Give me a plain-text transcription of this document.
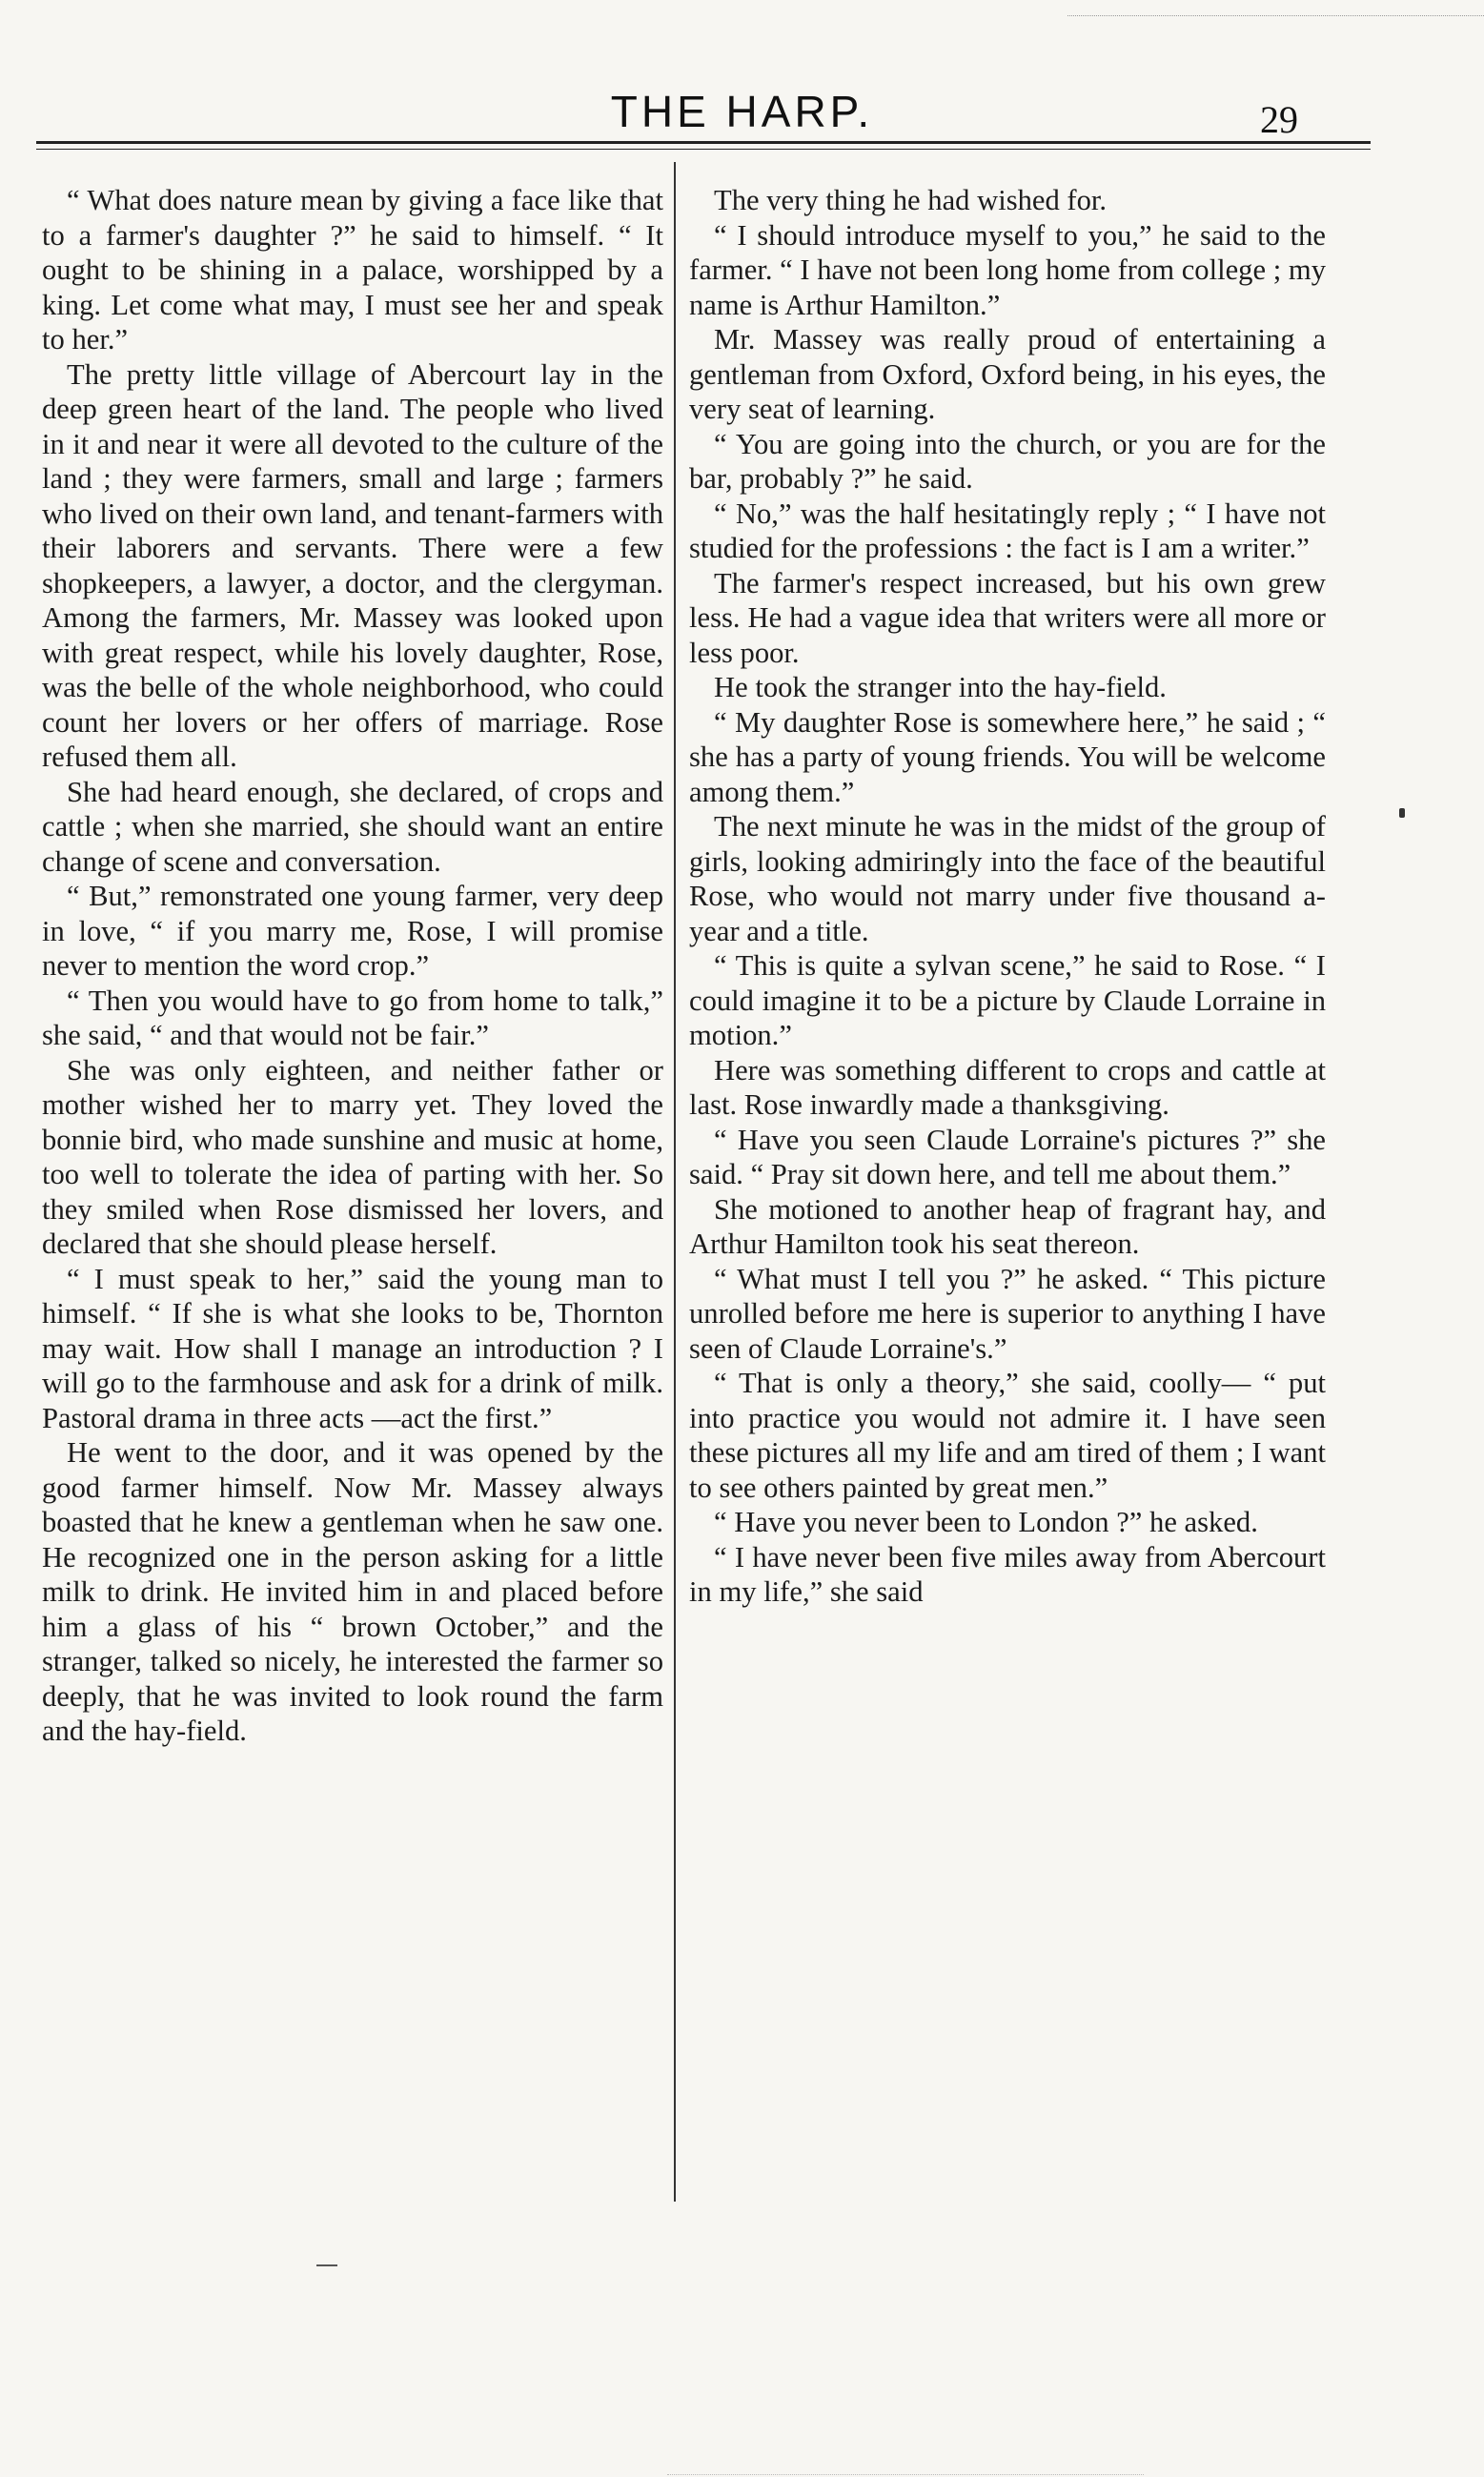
THE HARP.	29

“ What does nature mean by giving a face like that to a farmer's daughter ?” he said to himself. “ It ought to be shining in a palace, worshipped by a king. Let come what may, I must see her and speak to her.”

The pretty little village of Abercourt lay in the deep green heart of the land. The people who lived in it and near it were all devoted to the culture of the land ; they were farmers, small and large ; farmers who lived on their own land, and tenant-farmers with their laborers and servants. There were a few shopkeepers, a lawyer, a doctor, and the clergyman. Among the farmers, Mr. Massey was looked upon with great respect, while his lovely daughter, Rose, was the belle of the whole neighborhood, who could count her lovers or her offers of marriage. Rose refused them all.

She had heard enough, she declared, of crops and cattle ; when she married, she should want an entire change of scene and conversation.

“ But,” remonstrated one young farmer, very deep in love, “ if you marry me, Rose, I will promise never to mention the word crop.”

“ Then you would have to go from home to talk,” she said, “ and that would not be fair.”

She was only eighteen, and neither father or mother wished her to marry yet. They loved the bonnie bird, who made sunshine and music at home, too well to tolerate the idea of parting with her. So they smiled when Rose dismissed her lovers, and declared that she should please herself.

“ I must speak to her,” said the young man to himself. “ If she is what she looks to be, Thornton may wait. How shall I manage an introduction ? I will go to the farmhouse and ask for a drink of milk. Pastoral drama in three acts —act the first.”

He went to the door, and it was opened by the good farmer himself. Now Mr. Massey always boasted that he knew a gentleman when he saw one. He recognized one in the person asking for a little milk to drink. He invited him in and placed before him a glass of his “ brown October,” and the stranger, talked so nicely, he interested the farmer so deeply, that he was invited to look round the farm and the hay-field.

The very thing he had wished for.

“ I should introduce myself to you,” he said to the farmer. “ I have not been long home from college ; my name is Arthur Hamilton.”

Mr. Massey was really proud of entertaining a gentleman from Oxford, Oxford being, in his eyes, the very seat of learning.

“ You are going into the church, or you are for the bar, probably ?” he said.

“ No,” was the half hesitatingly reply ; “ I have not studied for the professions : the fact is I am a writer.”

The farmer's respect increased, but his own grew less. He had a vague idea that writers were all more or less poor.

He took the stranger into the hay-field.

“ My daughter Rose is somewhere here,” he said ; “ she has a party of young friends. You will be welcome among them.”

The next minute he was in the midst of the group of girls, looking admiringly into the face of the beautiful Rose, who would not marry under five thousand a-year and a title.

“ This is quite a sylvan scene,” he said to Rose. “ I could imagine it to be a picture by Claude Lorraine in motion.”

Here was something different to crops and cattle at last. Rose inwardly made a thanksgiving.

“ Have you seen Claude Lorraine's pictures ?” she said. “ Pray sit down here, and tell me about them.”

She motioned to another heap of fragrant hay, and Arthur Hamilton took his seat thereon.

“ What must I tell you ?” he asked. “ This picture unrolled before me here is superior to anything I have seen of Claude Lorraine's.”

“ That is only a theory,” she said, coolly— “ put into practice you would not admire it. I have seen these pictures all my life and am tired of them ; I want to see others painted by great men.”

“ Have you never been to London ?” he asked.

“ I have never been five miles away from Abercourt in my life,” she said
